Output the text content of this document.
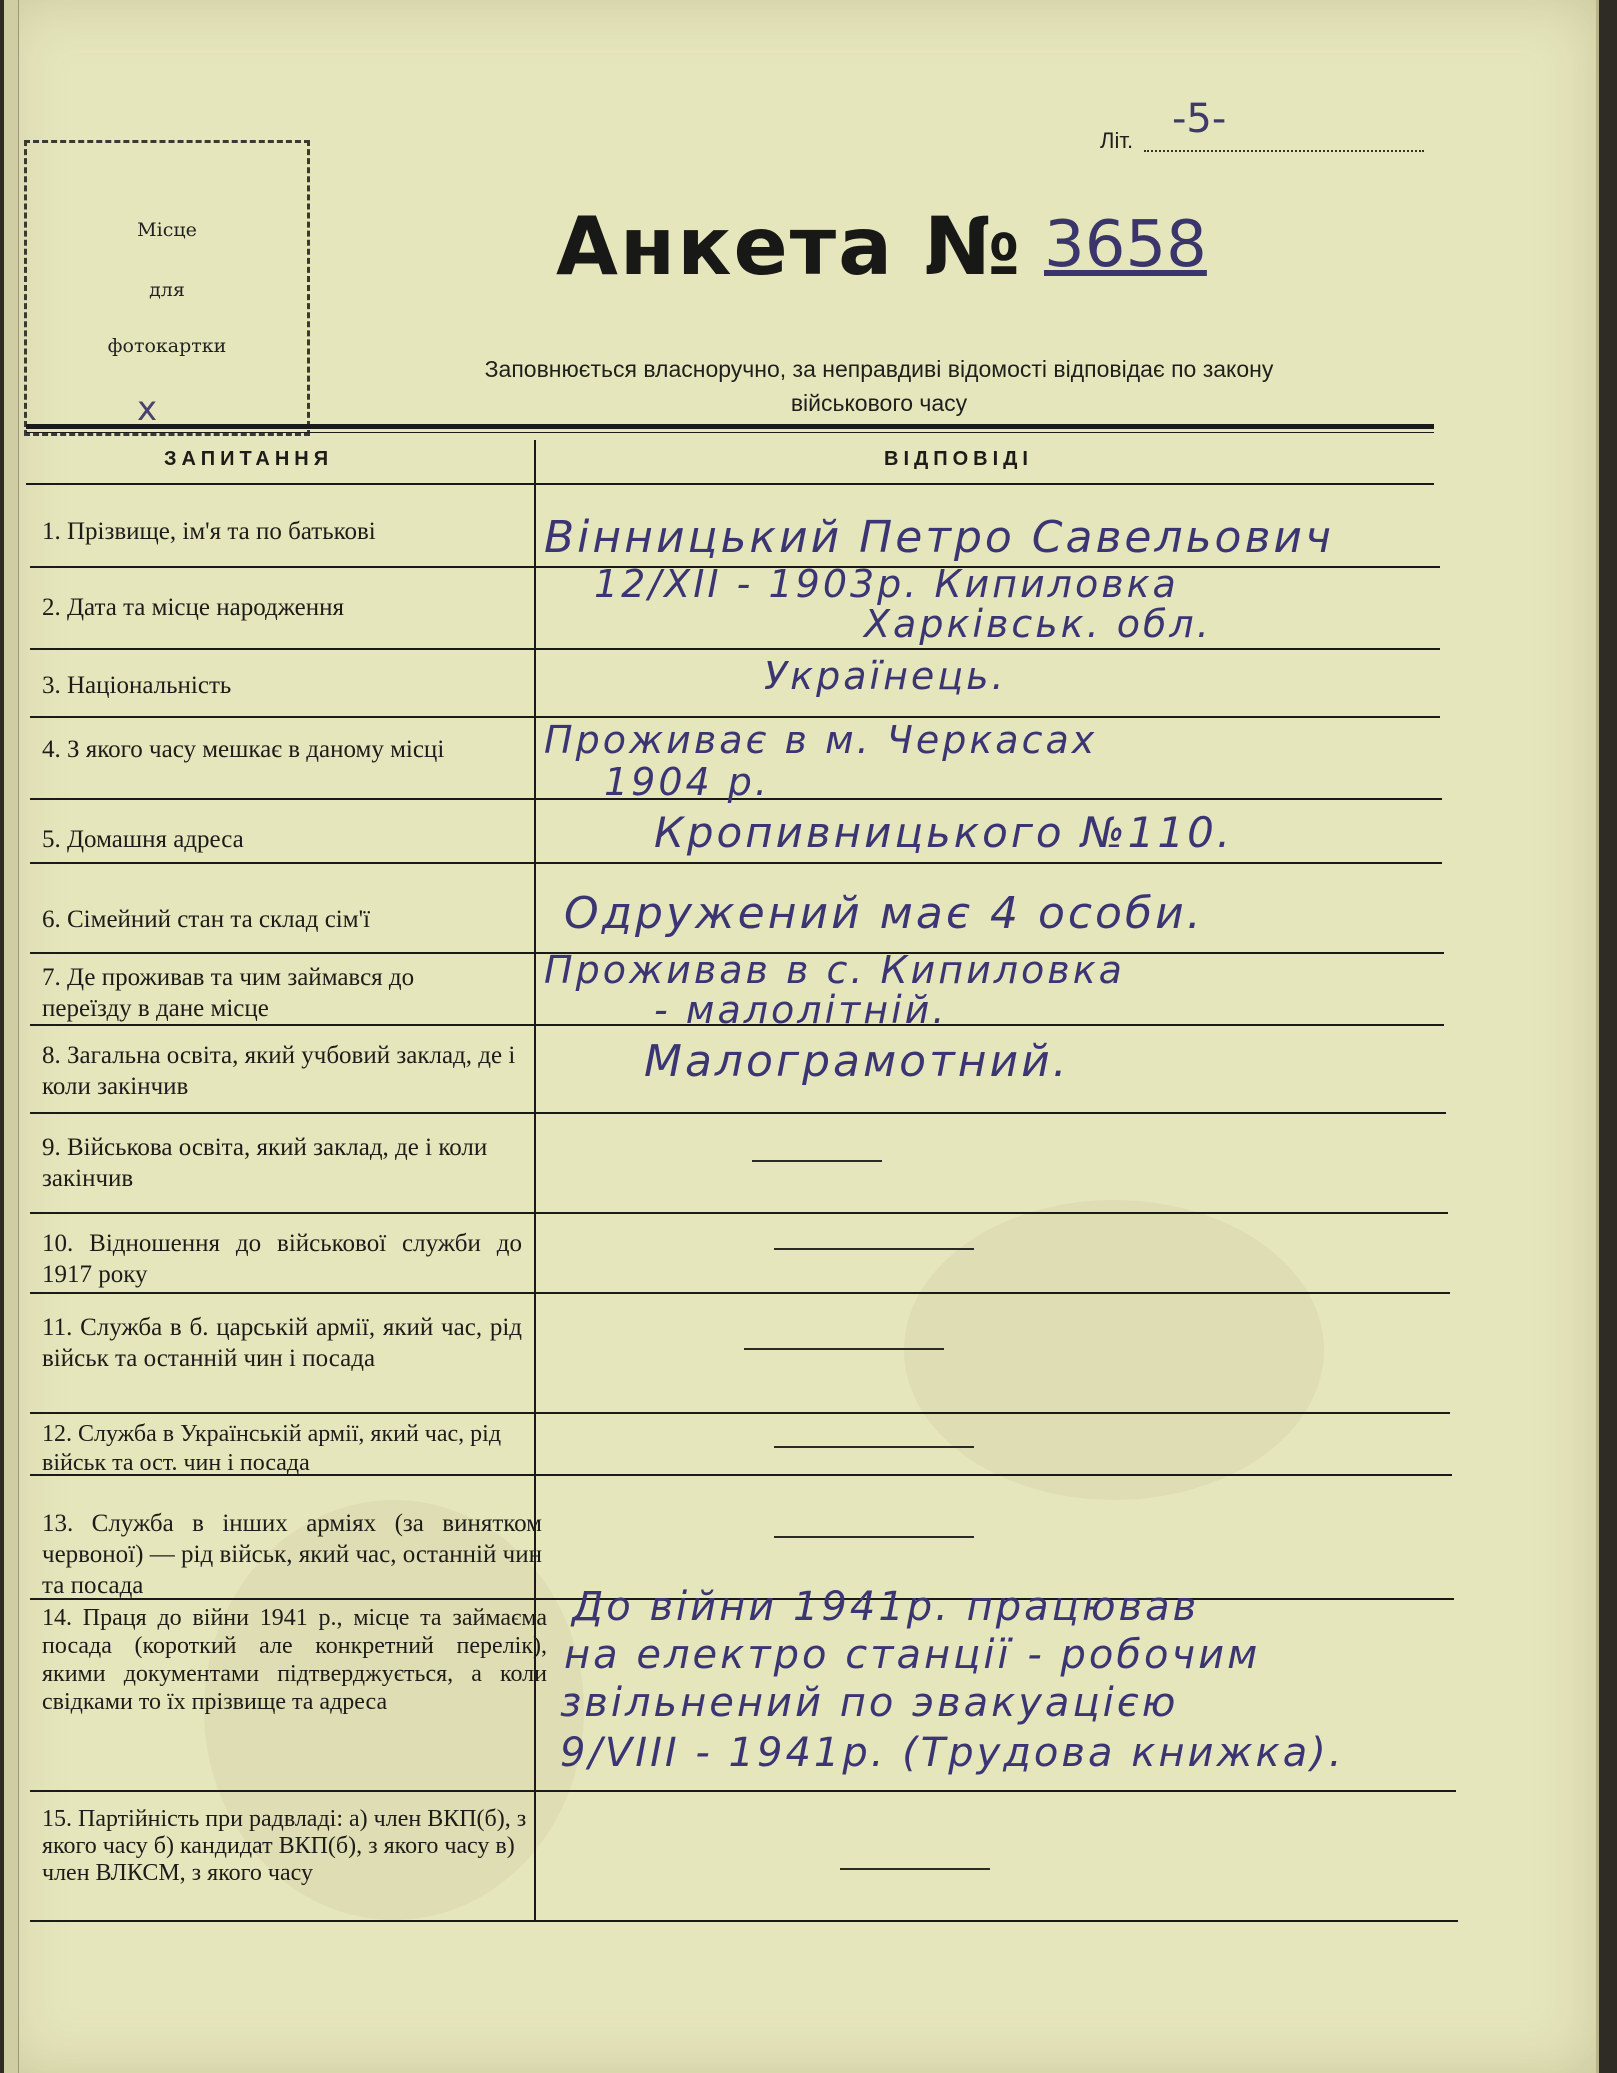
Місце
для
фотокартки
х
Літ. -5-
Анкета № 3658
Заповнюється власноручно, за неправдиві відомості відповідає по закону
військового часу
ЗАПИТАННЯ	ВІДПОВІДІ
1. Прізвище, ім'я та по батькові
2. Дата та місце народження
3. Національність
4. З якого часу мешкає в даному місці
5. Домашня адреса
6. Сімейний стан та склад сім'ї
7. Де проживав та чим займався до переїзду в дане місце
8. Загальна освіта, який учбовий заклад, де і коли закінчив
9. Військова освіта, який заклад, де і коли закінчив
10. Відношення до військової служби до 1917 року
11. Служба в б. царській армії, який час, рід військ та останній чин і посада
12. Служба в Українській армії, який час, рід військ та ост. чин і посада
13. Служба в інших арміях (за винятком червоної) — рід військ, який час, останній чин та посада
14. Праця до війни 1941 р., місце та займаєма посада (короткий але конкретний перелік), якими документами підтверджується, а коли свідками то їх прізвище та адреса
15. Партійність при радвладі: а) член ВКП(б), з якого часу б) кандидат ВКП(б), з якого часу в) член ВЛКСМ, з якого часу
Вінницький Петро Савельович
12/XII - 1903р. Кипиловка
Харківськ. обл.
Українець.
Проживає в м. Черкасах
1904 р.
Кропивницького №110.
Одружений має 4 особи.
Проживав в с. Кипиловка
- малолітній.
Малограмотний.
До війни 1941р. працював
на електро станції - робочим
звільнений по эвакуацією
9/VIII - 1941р. (Трудова книжка).
